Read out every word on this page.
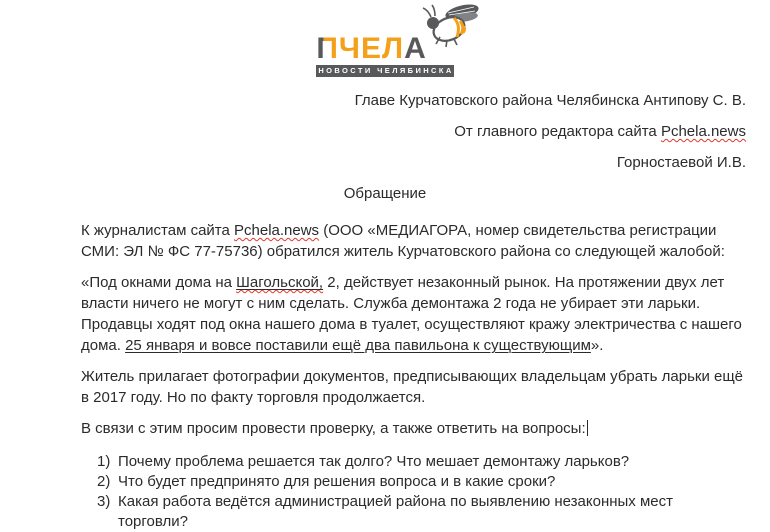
ПЧЕЛА
НОВОСТИ ЧЕЛЯБИНСКА
Главе Курчатовского района Челябинска Антипову С. В.
От главного редактора сайта Pchela.news
Горностаевой И.В.
Обращение

К журналистам сайта Pchela.news (ООО «МЕДИАГОРА, номер свидетельства регистрации СМИ: ЭЛ № ФС 77-75736) обратился житель Курчатовского района со следующей жалобой:

«Под окнами дома на Шагольской, 2, действует незаконный рынок. На протяжении двух лет власти ничего не могут с ним сделать. Служба демонтажа 2 года не убирает эти ларьки. Продавцы ходят под окна нашего дома в туалет, осуществляют кражу электричества с нашего дома. 25 января и вовсе поставили ещё два павильона к существующим».

Житель прилагает фотографии документов, предписывающих владельцам убрать ларьки ещё в 2017 году. Но по факту торговля продолжается.

В связи с этим просим провести проверку, а также ответить на вопросы:

1) Почему проблема решается так долго? Что мешает демонтажу ларьков?
2) Что будет предпринято для решения вопроса и в какие сроки?
3) Какая работа ведётся администрацией района по выявлению незаконных мест торговли?
